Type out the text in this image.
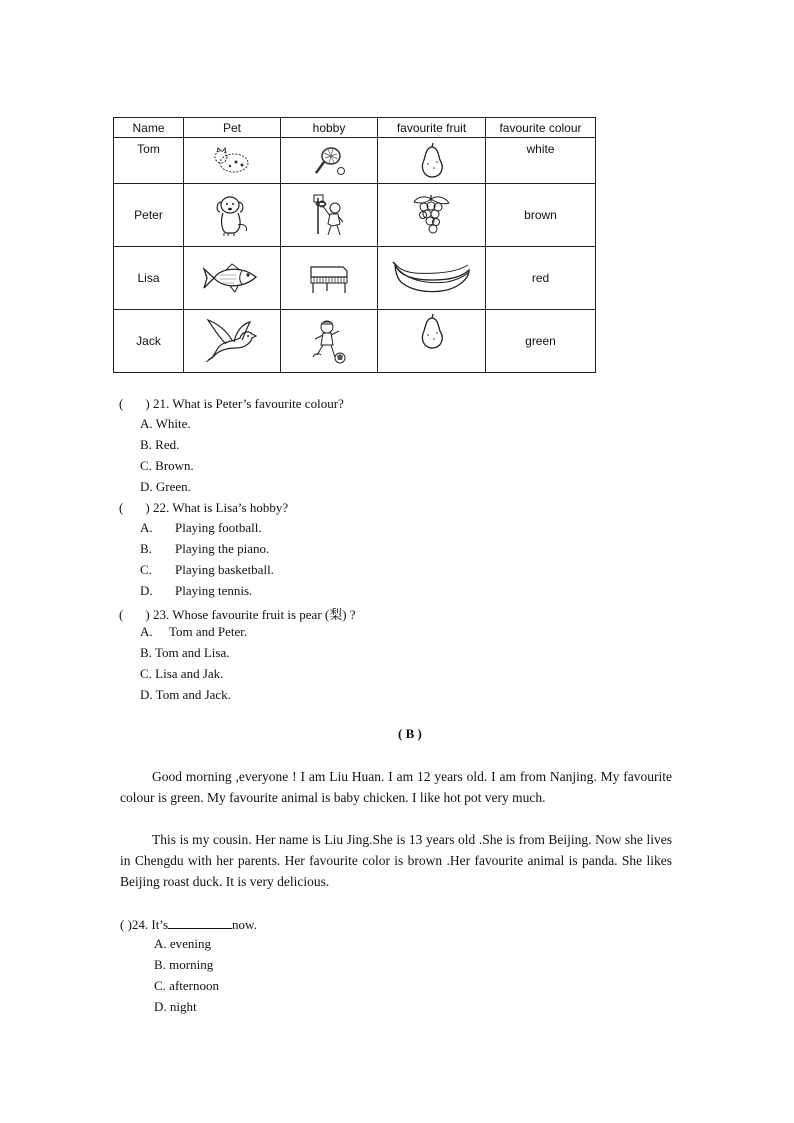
Name	Pet	hobby	favourite fruit	favourite colour
Tom				white
Peter				brown
Lisa				red
Jack				green
( ) 21. What is Peter’s favourite colour?
A. White.
B. Red.
C. Brown.
D. Green.
( ) 22. What is Lisa’s hobby?
A. Playing football.
B. Playing the piano.
C. Playing basketball.
D. Playing tennis.
( ) 23. Whose favourite fruit is pear (梨) ?
A. Tom and Peter.
B. Tom and Lisa.
C. Lisa and Jak.
D. Tom and Jack.
( B )
Good morning ,everyone ! I am Liu Huan. I am 12 years old. I am from Nanjing. My favourite colour is green. My favourite animal is baby chicken. I like hot pot very much.
This is my cousin. Her name is Liu Jing.She is 13 years old .She is from Beijing. Now she lives in Chengdu with her parents. Her favourite color is brown .Her favourite animal is panda. She likes Beijing roast duck. It is very delicious.
( )24. It’s	now.
A. evening
B. morning
C. afternoon
D. night
